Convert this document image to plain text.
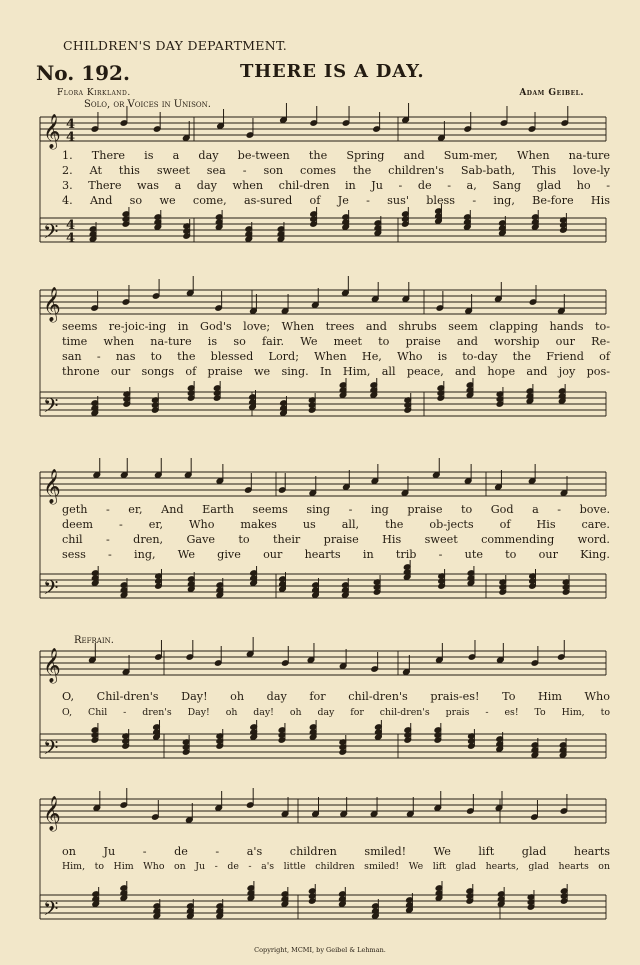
CHILDREN'S DAY DEPARTMENT.
No. 192.	THERE IS A DAY.
Flora Kirkland.	Adam Geibel.
Solo, or Voices in Unison.
𝄞 4
4
𝄢 4
4
𝄞
𝄢
𝄞
𝄢
𝄞
𝄢
𝄞
𝄢
1. There is a day be-tween the Spring and Sum-mer, When na-ture
2. At this sweet sea - son comes the children's Sab-bath, This love-ly
3. There was a day when chil-dren in Ju - de - a, Sang glad ho -
4. And so we come, as-sured of Je - sus' bless - ing, Be-fore His
seems re-joic-ing in God's love; When trees and shrubs seem clapping hands to-
time when na-ture is so fair. We meet to praise and worship our Re-
san - nas to the blessed Lord; When He, Who is to-day the Friend of
throne our songs of praise we sing. In Him, all peace, and hope and joy pos-
geth - er, And Earth seems sing - ing praise to God a - bove.
deem - er, Who makes us all, the ob-jects of His care.
chil - dren, Gave to their praise His sweet commending word.
sess - ing, We give our hearts in trib - ute to our King.
Refrain.
O, Chil-dren's Day! oh day for chil-dren's prais-es! To Him Who
O, Chil - dren's Day! oh day! oh day for chil-dren's prais - es! To Him, to
on Ju - de - a's children smiled! We lift glad hearts
Him, to Him Who on Ju - de - a's little children smiled! We lift glad hearts, glad hearts on
Copyright, MCMI, by Geibel & Lehman.
